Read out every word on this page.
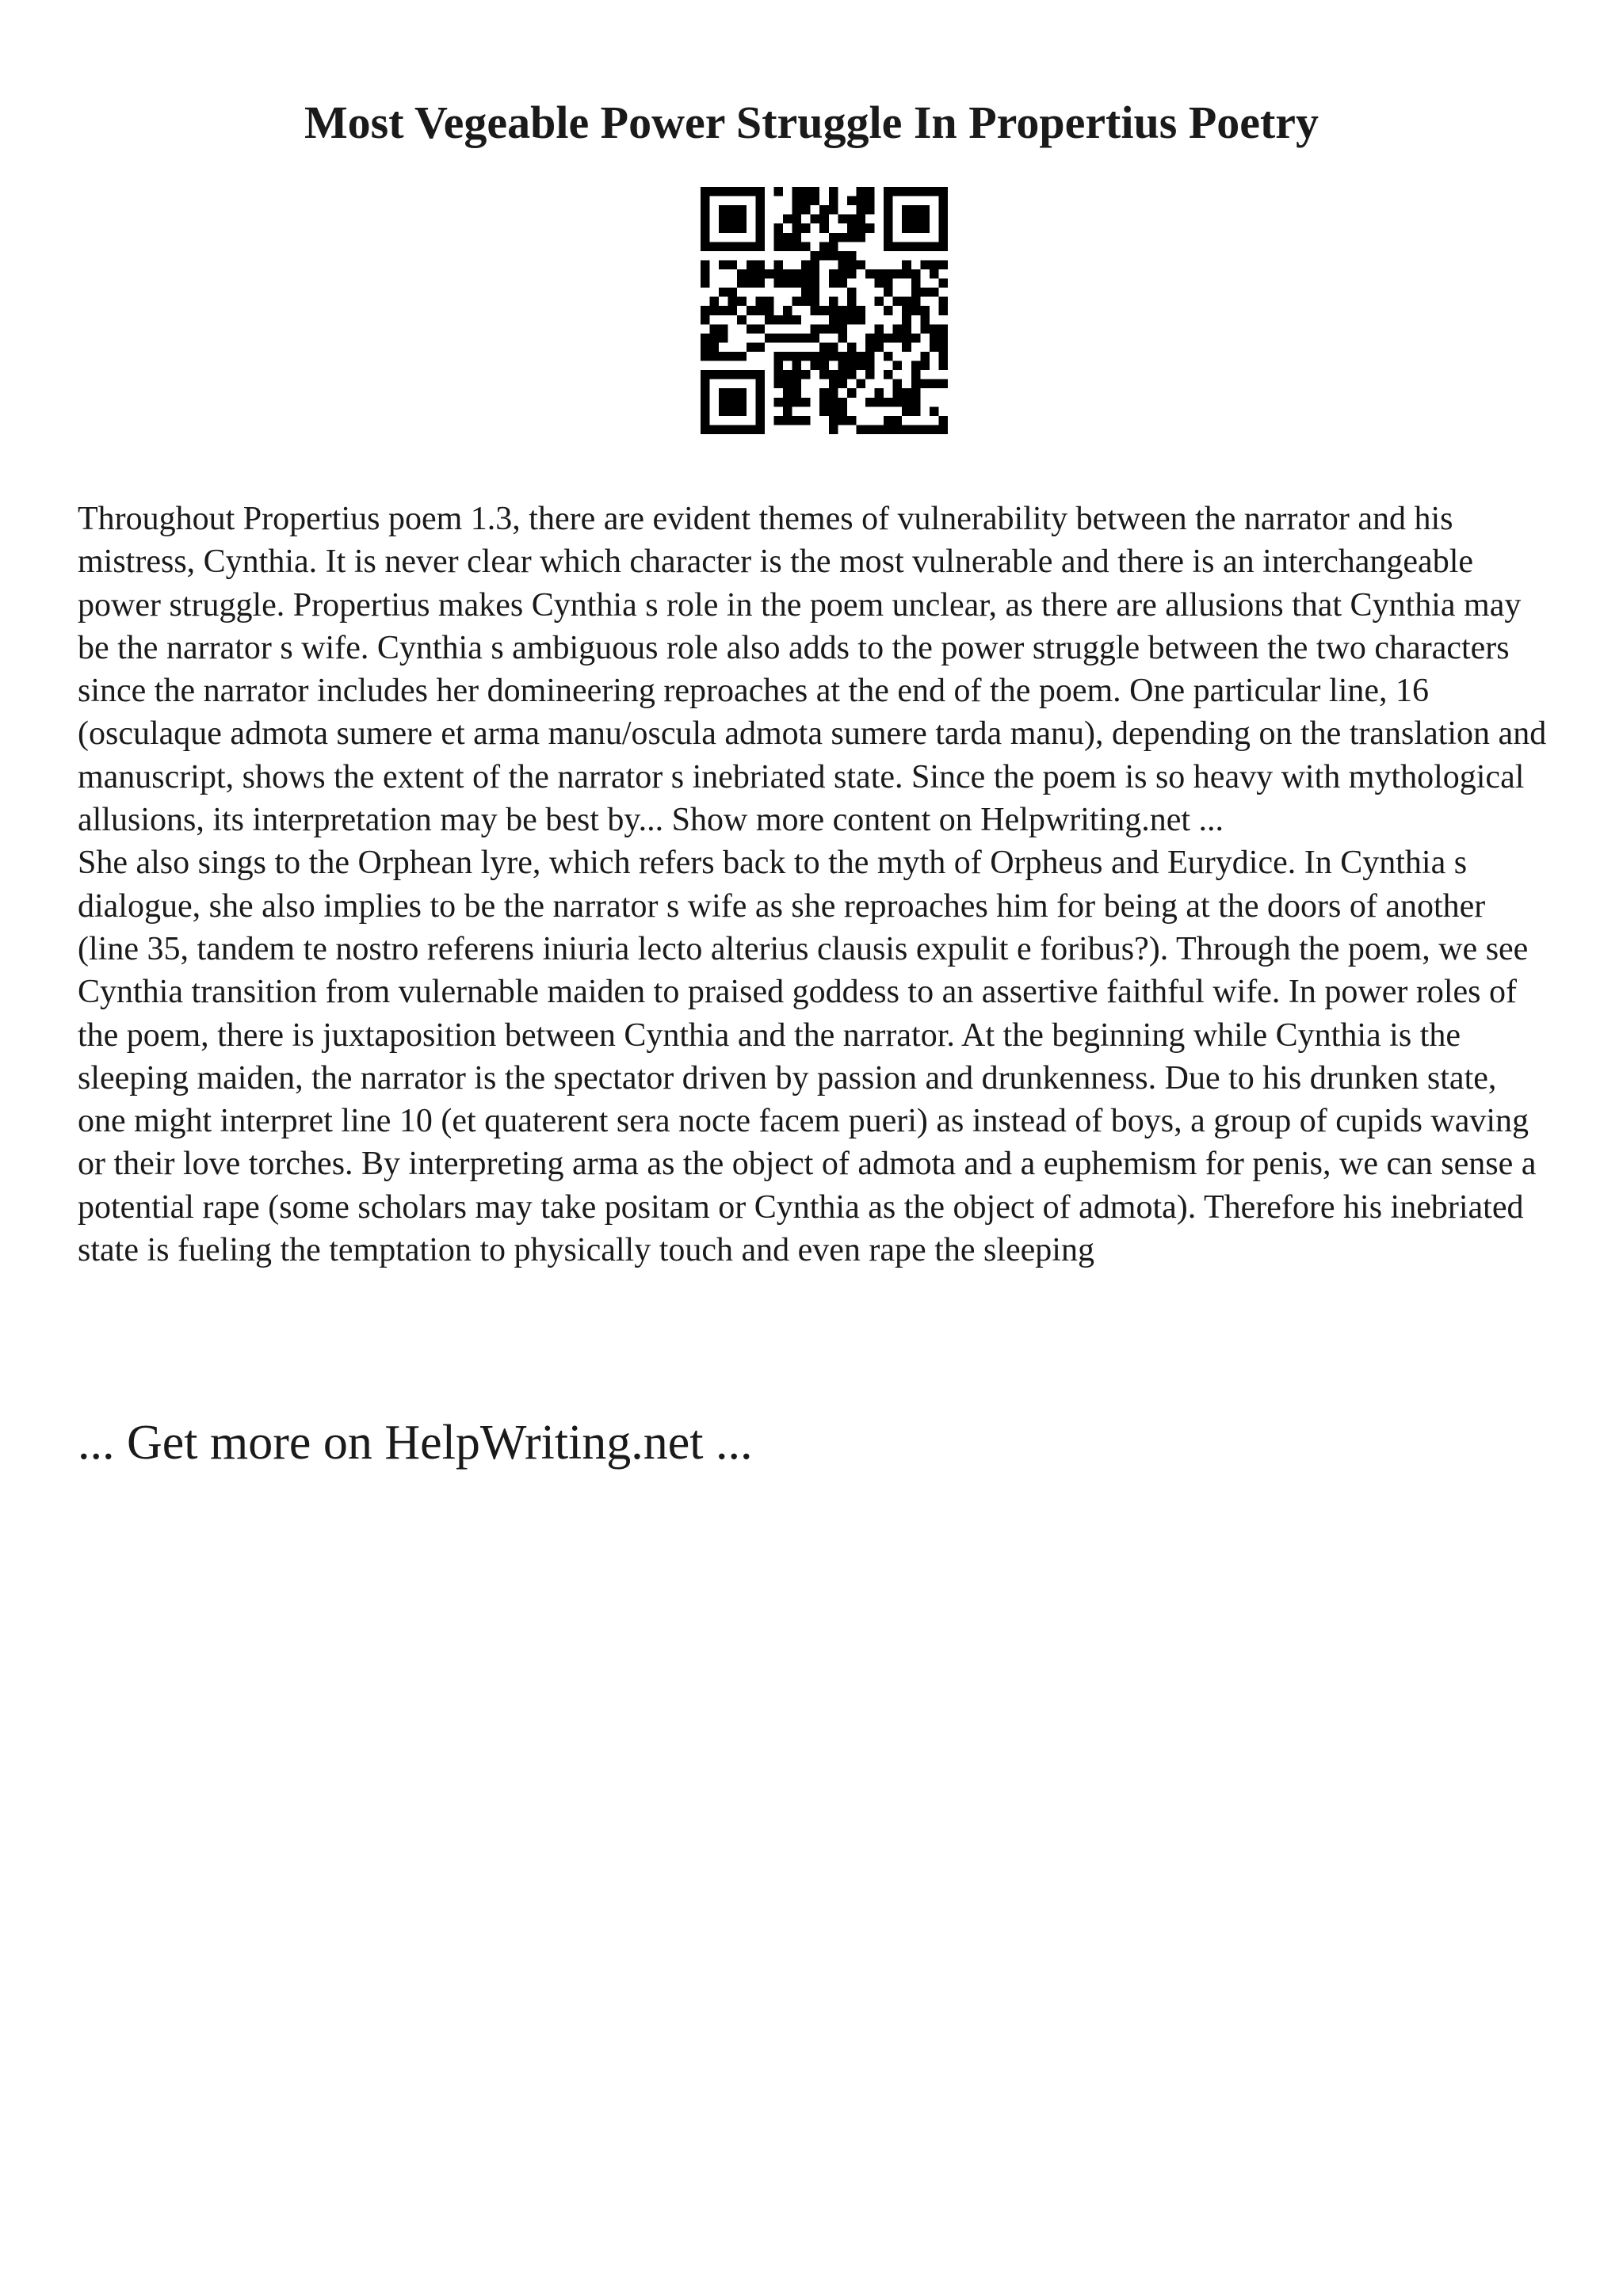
Most Vegeable Power Struggle In Propertius Poetry

Throughout Propertius poem 1.3, there are evident themes of vulnerability between the narrator and his mistress, Cynthia. It is never clear which character is the most vulnerable and there is an interchangeable power struggle. Propertius makes Cynthia s role in the poem unclear, as there are allusions that Cynthia may be the narrator s wife. Cynthia s ambiguous role also adds to the power struggle between the two characters since the narrator includes her domineering reproaches at the end of the poem. One particular line, 16 (osculaque admota sumere et arma manu/oscula admota sumere tarda manu), depending on the translation and manuscript, shows the extent of the narrator s inebriated state. Since the poem is so heavy with mythological allusions, its interpretation may be best by... Show more content on Helpwriting.net ...

She also sings to the Orphean lyre, which refers back to the myth of Orpheus and Eurydice. In Cynthia s dialogue, she also implies to be the narrator s wife as she reproaches him for being at the doors of another (line 35, tandem te nostro referens iniuria lecto alterius clausis expulit e foribus?). Through the poem, we see Cynthia transition from vulernable maiden to praised goddess to an assertive faithful wife. In power roles of the poem, there is juxtaposition between Cynthia and the narrator. At the beginning while Cynthia is the sleeping maiden, the narrator is the spectator driven by passion and drunkenness. Due to his drunken state, one might interpret line 10 (et quaterent sera nocte facem pueri) as instead of boys, a group of cupids waving or their love torches. By interpreting arma as the object of admota and a euphemism for penis, we can sense a potential rape (some scholars may take positam or Cynthia as the object of admota). Therefore his inebriated state is fueling the temptation to physically touch and even rape the sleeping

... Get more on HelpWriting.net ...
